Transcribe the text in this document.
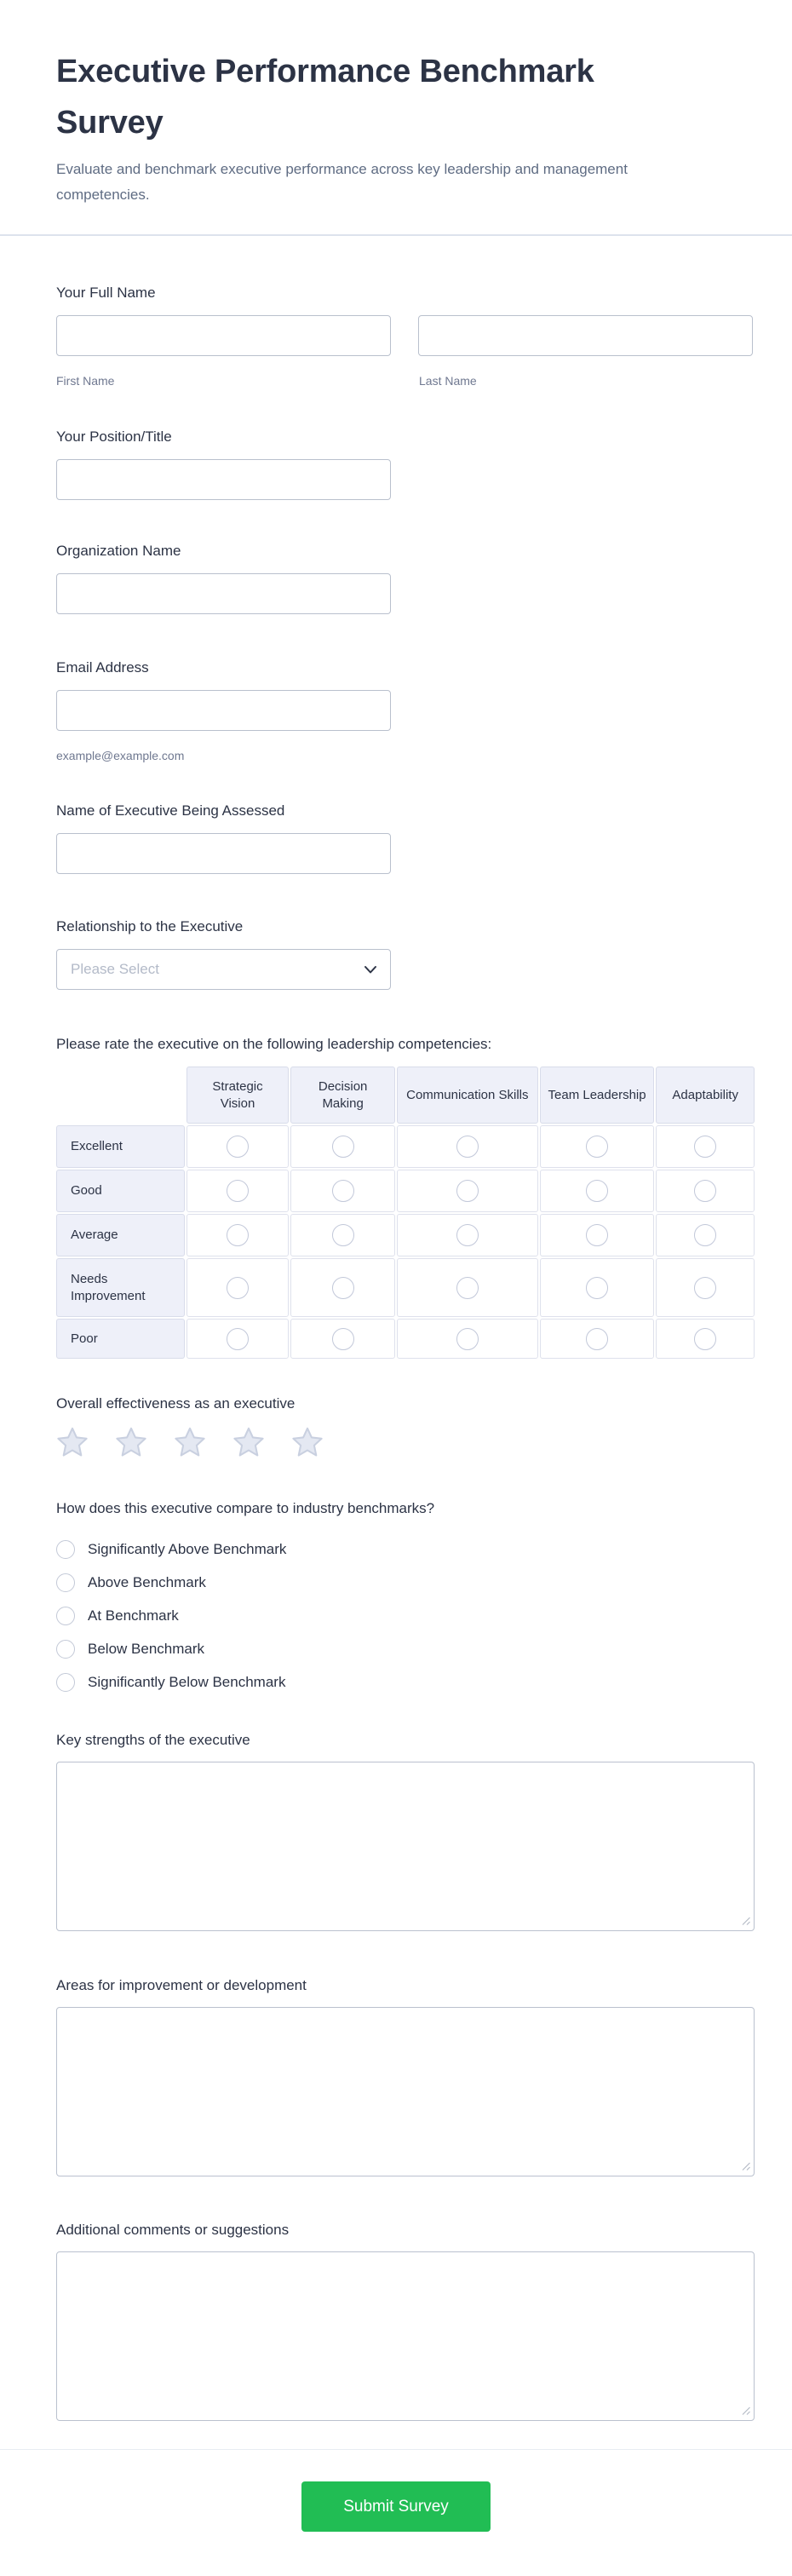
Executive Performance Benchmark Survey
Evaluate and benchmark executive performance across key leadership and management competencies.
Your Full Name
First Name	Last Name
Your Position/Title
Organization Name
Email Address
example@example.com
Name of Executive Being Assessed
Relationship to the Executive
Please Select
Please rate the executive on the following leadership competencies:
	Strategic Vision	Decision Making	Communication Skills	Team Leadership	Adaptability
Excellent					
Good					
Average					
Needs Improvement					
Poor					
Overall effectiveness as an executive
How does this executive compare to industry benchmarks?
Significantly Above Benchmark
Above Benchmark
At Benchmark
Below Benchmark
Significantly Below Benchmark
Key strengths of the executive
Areas for improvement or development
Additional comments or suggestions
Submit Survey
